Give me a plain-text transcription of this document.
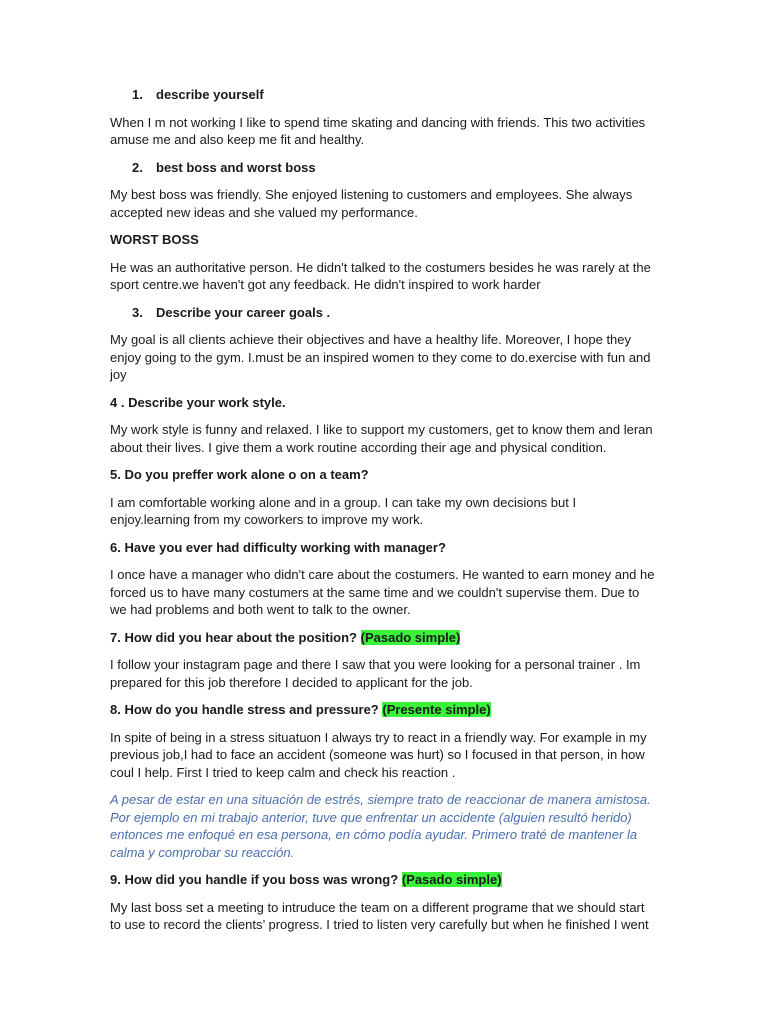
1. describe yourself

When I m not working I like to spend time skating and dancing with friends. This two activities amuse me and also keep me fit and healthy.

2. best boss and worst boss

My best boss was friendly. She enjoyed listening to customers and employees. She always accepted new ideas and she valued my performance.

WORST BOSS

He was an authoritative person. He didn't talked to the costumers besides he was rarely at the sport centre.we haven't got any feedback. He didn't inspired to work harder

3. Describe your career goals .

My goal is all clients achieve their objectives and have a healthy life. Moreover, I hope they enjoy going to the gym. I.must be an inspired women to they come to do.exercise with fun and joy

4 . Describe your work style.

My work style is funny and relaxed. I like to support my customers, get to know them and leran about their lives. I give them a work routine according their age and physical condition.

5. Do you preffer work alone o on a team?

I am comfortable working alone and in a group. I can take my own decisions but I enjoy.learning from my coworkers to improve my work.

6. Have you ever had difficulty working with manager?

I once have a manager who didn't care about the costumers. He wanted to earn money and he forced us to have many costumers at the same time and we couldn't supervise them. Due to we had problems and both went to talk to the owner.

7. How did you hear about the position? (Pasado simple)

I follow your instagram page and there I saw that you were looking for a personal trainer . Im prepared for this job therefore I decided to applicant for the job.

8. How do you handle stress and pressure? (Presente simple)

In spite of being in a stress situatuon I always try to react in a friendly way. For example in my previous job,I had to face an accident (someone was hurt) so I focused in that person, in how coul I help. First I tried to keep calm and check his reaction .

A pesar de estar en una situación de estrés, siempre trato de reaccionar de manera amistosa. Por ejemplo en mi trabajo anterior, tuve que enfrentar un accidente (alguien resultó herido) entonces me enfoqué en esa persona, en cómo podía ayudar. Primero traté de mantener la calma y comprobar su reacción.

9. How did you handle if you boss was wrong? (Pasado simple)

My last boss set a meeting to intruduce the team on a different programe that we should start to use to record the clients’ progress. I tried to listen very carefully but when he finished I went
